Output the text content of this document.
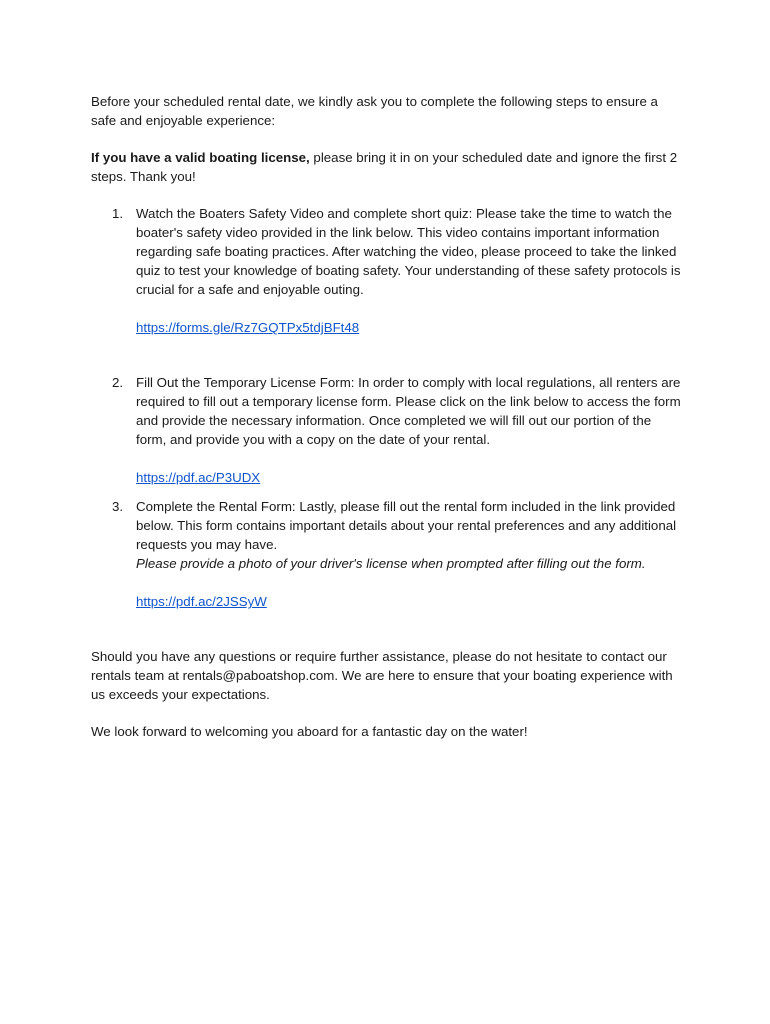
Before your scheduled rental date, we kindly ask you to complete the following steps to ensure a safe and enjoyable experience:

If you have a valid boating license, please bring it in on your scheduled date and ignore the first 2 steps. Thank you!

1. Watch the Boaters Safety Video and complete short quiz: Please take the time to watch the boater's safety video provided in the link below. This video contains important information regarding safe boating practices. After watching the video, please proceed to take the linked quiz to test your knowledge of boating safety. Your understanding of these safety protocols is crucial for a safe and enjoyable outing.

https://forms.gle/Rz7GQTPx5tdjBFt48
2. Fill Out the Temporary License Form: In order to comply with local regulations, all renters are required to fill out a temporary license form. Please click on the link below to access the form and provide the necessary information. Once completed we will fill out our portion of the form, and provide you with a copy on the date of your rental.

https://pdf.ac/P3UDX
3. Complete the Rental Form: Lastly, please fill out the rental form included in the link provided below. This form contains important details about your rental preferences and any additional requests you may have.

Please provide a photo of your driver's license when prompted after filling out the form.

https://pdf.ac/2JSSyW

Should you have any questions or require further assistance, please do not hesitate to contact our rentals team at rentals@paboatshop.com. We are here to ensure that your boating experience with us exceeds your expectations.

We look forward to welcoming you aboard for a fantastic day on the water!
